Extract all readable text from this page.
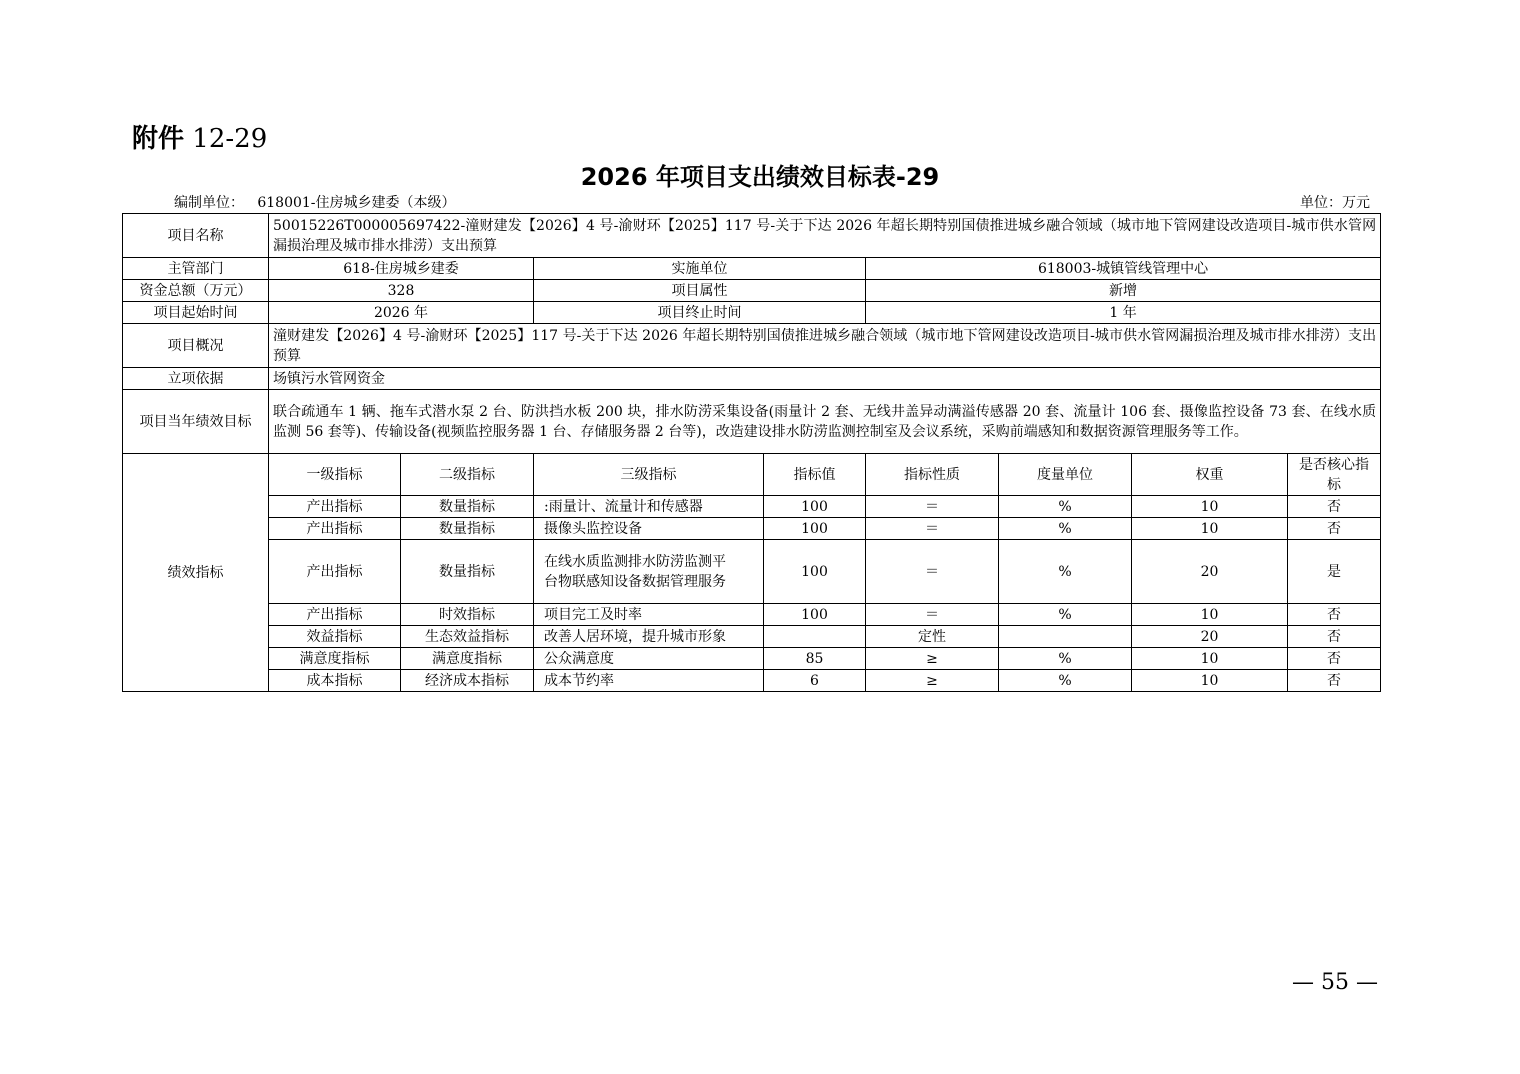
附件 12-29
2026 年项目支出绩效目标表-29
编制单位：   618001-住房城乡建委（本级）	单位：万元
项目名称	50015226T000005697422-潼财建发【2026】4 号-渝财环【2025】117 号-关于下达 2026 年超长期特别国债推进城乡融合领域（城市地下管网建设改造项目-城市供水管网漏损治理及城市排水排涝）支出预算							
主管部门	618-住房城乡建委		实施单位		618003-城镇管线管理中心			
资金总额（万元）	328		项目属性		新增			
项目起始时间	2026 年		项目终止时间		1 年			
项目概况	潼财建发【2026】4 号-渝财环【2025】117 号-关于下达 2026 年超长期特别国债推进城乡融合领域（城市地下管网建设改造项目-城市供水管网漏损治理及城市排水排涝）支出预算							
立项依据	场镇污水管网资金							
项目当年绩效目标	联合疏通车 1 辆、拖车式潜水泵 2 台、防洪挡水板 200 块，排水防涝采集设备(雨量计 2 套、无线井盖异动满溢传感器 20 套、流量计 106 套、摄像监控设备 73 套、在线水质监测 56 套等)、传输设备(视频监控服务器 1 台、存储服务器 2 台等)，改造建设排水防涝监测控制室及会议系统，采购前端感知和数据资源管理服务等工作。							
绩效指标	一级指标	二级指标	三级指标	指标值	指标性质	度量单位	权重	是否核心指标
	产出指标	数量指标	:雨量计、流量计和传感器	100	＝	%	10	否
	产出指标	数量指标	摄像头监控设备	100	＝	%	10	否
	产出指标	数量指标	在线水质监测排水防涝监测平台物联感知设备数据管理服务	100	＝	%	20	是
	产出指标	时效指标	项目完工及时率	100	＝	%	10	否
	效益指标	生态效益指标	改善人居环境，提升城市形象		定性		20	否
	满意度指标	满意度指标	公众满意度	85	≥	%	10	否
	成本指标	经济成本指标	成本节约率	6	≥	%	10	否
— 55 —
